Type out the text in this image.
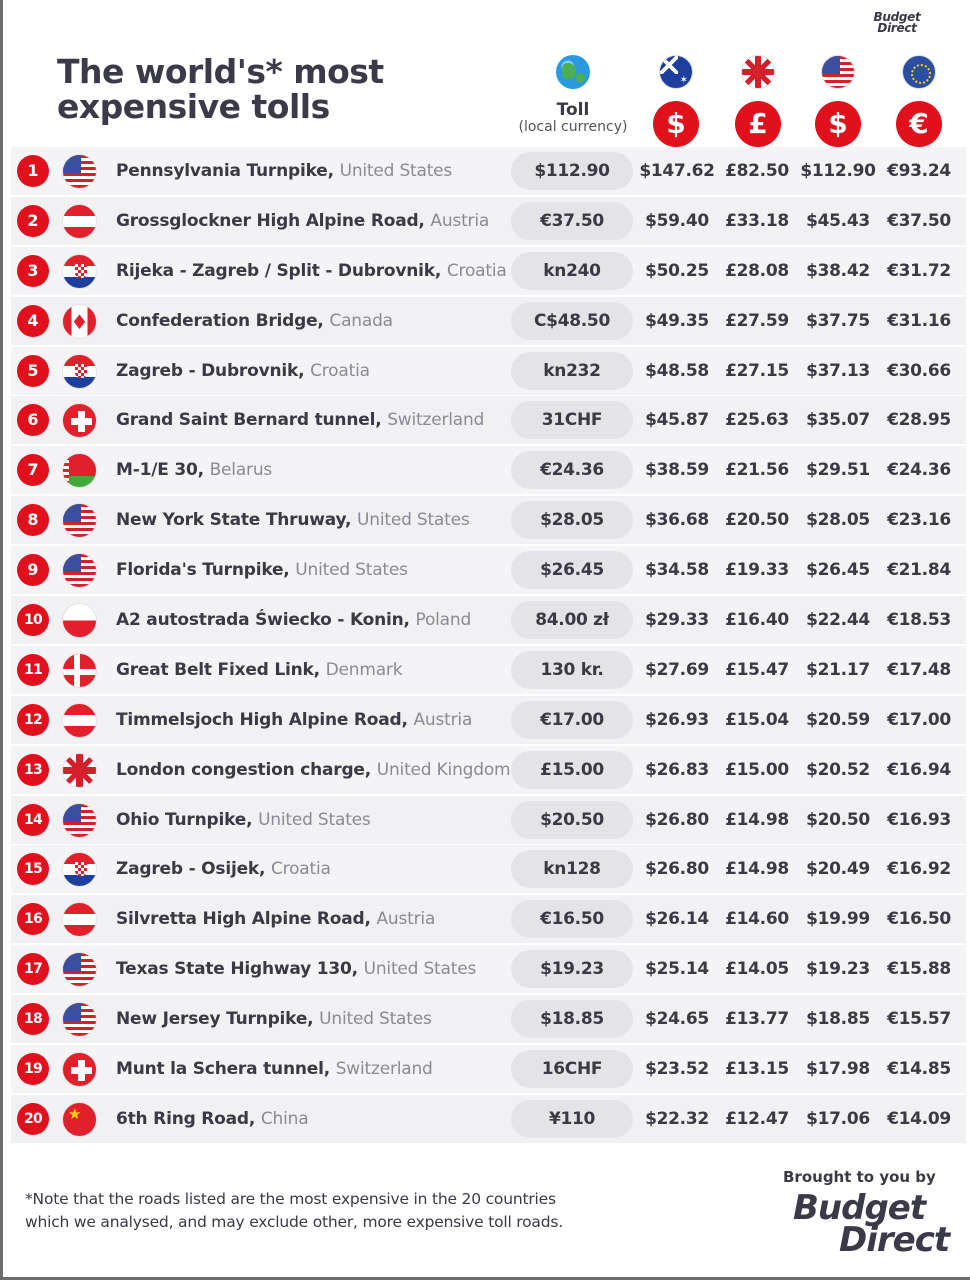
Budget
Direct
The world's* most
expensive tolls	Toll
(local currency)
✶	$	£	$	€
1	Pennsylvania Turnpike, United States	$112.90	$147.62 £82.50 $112.90 €93.24
2	Grossglockner High Alpine Road, Austria	€37.50	$59.40 £33.18	$45.43	€37.50
3	Rijeka - Zagreb / Split - Dubrovnik, Croatia	kn240	$50.25 £28.08	$38.42	€31.72
4 ♦	Confederation Bridge, Canada	C$48.50	$49.35 £27.59	$37.75	€31.16
5	Zagreb - Dubrovnik, Croatia	kn232	$48.58 £27.15	$37.13	€30.66
6	Grand Saint Bernard tunnel, Switzerland	31CHF	$45.87 £25.63	$35.07	€28.95
7	M-1/E 30, Belarus	€24.36	$38.59 £21.56	$29.51	€24.36
8	New York State Thruway, United States	$28.05	$36.68 £20.50	$28.05	€23.16
9	Florida's Turnpike, United States	$26.45	$34.58 £19.33	$26.45	€21.84
10	A2 autostrada Świecko - Konin, Poland	84.00 zł	$29.33 £16.40	$22.44	€18.53
11	Great Belt Fixed Link, Denmark	130 kr.	$27.69 £15.47	$21.17	€17.48
12	Timmelsjoch High Alpine Road, Austria	€17.00	$26.93 £15.04	$20.59	€17.00
13	London congestion charge, United Kingdom	£15.00	$26.83 £15.00	$20.52	€16.94
14	Ohio Turnpike, United States	$20.50	$26.80 £14.98	$20.50	€16.93
15	Zagreb - Osijek, Croatia	kn128	$26.80 £14.98	$20.49	€16.92
16	Silvretta High Alpine Road, Austria	€16.50	$26.14 £14.60	$19.99	€16.50
17	Texas State Highway 130, United States	$19.23	$25.14 £14.05	$19.23	€15.88
18	New Jersey Turnpike, United States	$18.85	$24.65 £13.77	$18.85	€15.57
19	Munt la Schera tunnel, Switzerland	16CHF	$23.52 £13.15	$17.98	€14.85
20 ★	6th Ring Road, China	¥110	$22.32 £12.47	$17.06	€14.09
*Note that the roads listed are the most expensive in the 20 countries
which we analysed, and may exclude other, more expensive toll roads.
Brought to you by
Budget
Direct
